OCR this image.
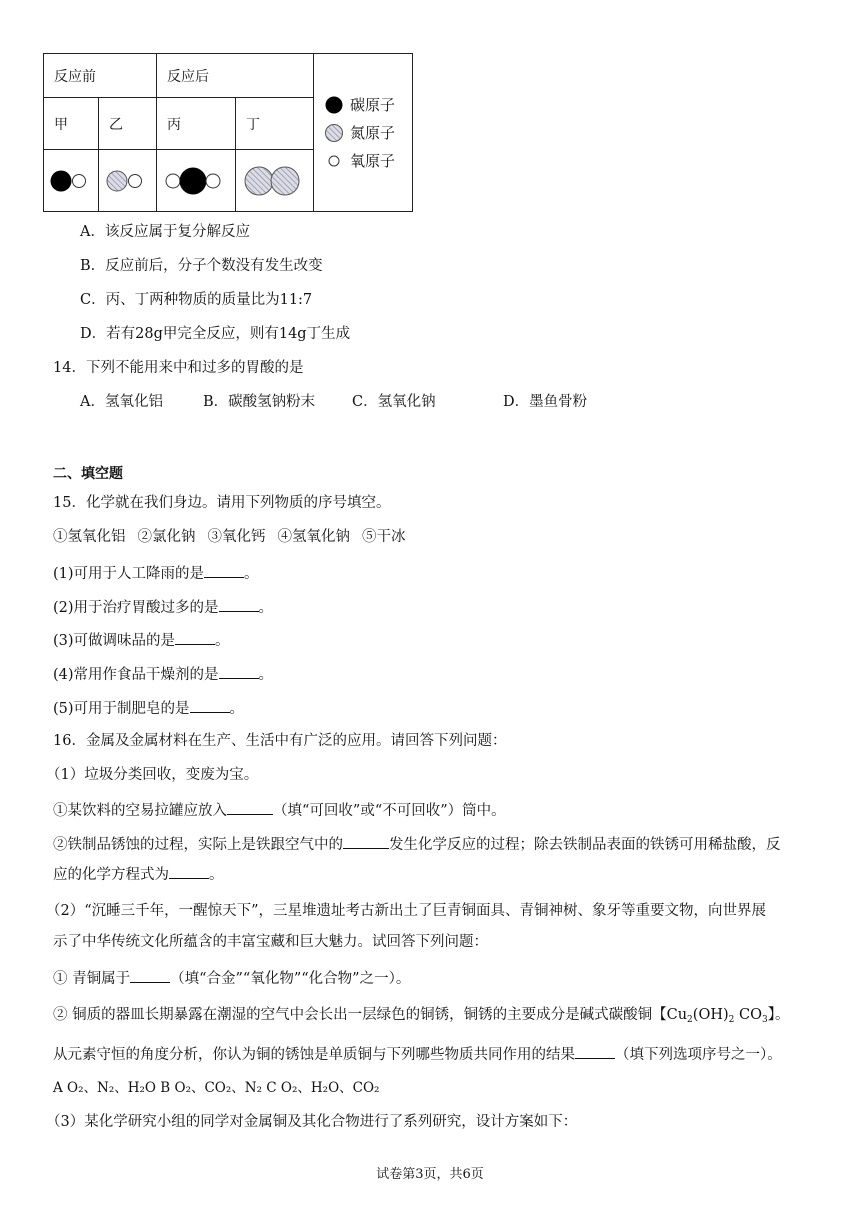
反应前		反应后		碳原子
氮原子
氧原子

甲	乙	丙	丁	

A．该反应属于复分解反应
B．反应前后，分子个数没有发生改变
C．丙、丁两种物质的质量比为11:7
D．若有28g甲完全反应，则有14g丁生成
14．下列不能用来中和过多的胃酸的是
A．氢氧化铝	B．碳酸氢钠粉末	C．氢氧化钠	D．墨鱼骨粉
二、填空题
15．化学就在我们身边。请用下列物质的序号填空。
①氢氧化铝 ②氯化钠 ③氧化钙 ④氢氧化钠 ⑤干冰
(1)可用于人工降雨的是	。
(2)用于治疗胃酸过多的是	。
(3)可做调味品的是	。
(4)常用作食品干燥剂的是	。
(5)可用于制肥皂的是	。
16．金属及金属材料在生产、生活中有广泛的应用。请回答下列问题：
（1）垃圾分类回收，变废为宝。
①某饮料的空易拉罐应放入	（填“可回收”或“不可回收”）筒中。
②铁制品锈蚀的过程，实际上是铁跟空气中的	发生化学反应的过程；除去铁制品表面的铁锈可用稀盐酸，反
应的化学方程式为	。
（2）“沉睡三千年，一醒惊天下”，三星堆遗址考古新出土了巨青铜面具、青铜神树、象牙等重要文物，向世界展
示了中华传统文化所蕴含的丰富宝藏和巨大魅力。试回答下列问题：
① 青铜属于	（填“合金”“氧化物”“化合物”之一）。
② 铜质的器皿长期暴露在潮湿的空气中会长出一层绿色的铜锈，铜锈的主要成分是碱式碳酸铜【$Cu_2(OH)_2$ $CO_3$】。
从元素守恒的角度分析，你认为铜的锈蚀是单质铜与下列哪些物质共同作用的结果	（填下列选项序号之一）。
A O₂、N₂、H₂O B O₂、CO₂、N₂ C O₂、H₂O、CO₂
（3）某化学研究小组的同学对金属铜及其化合物进行了系列研究，设计方案如下：
试卷第3页，共6页
